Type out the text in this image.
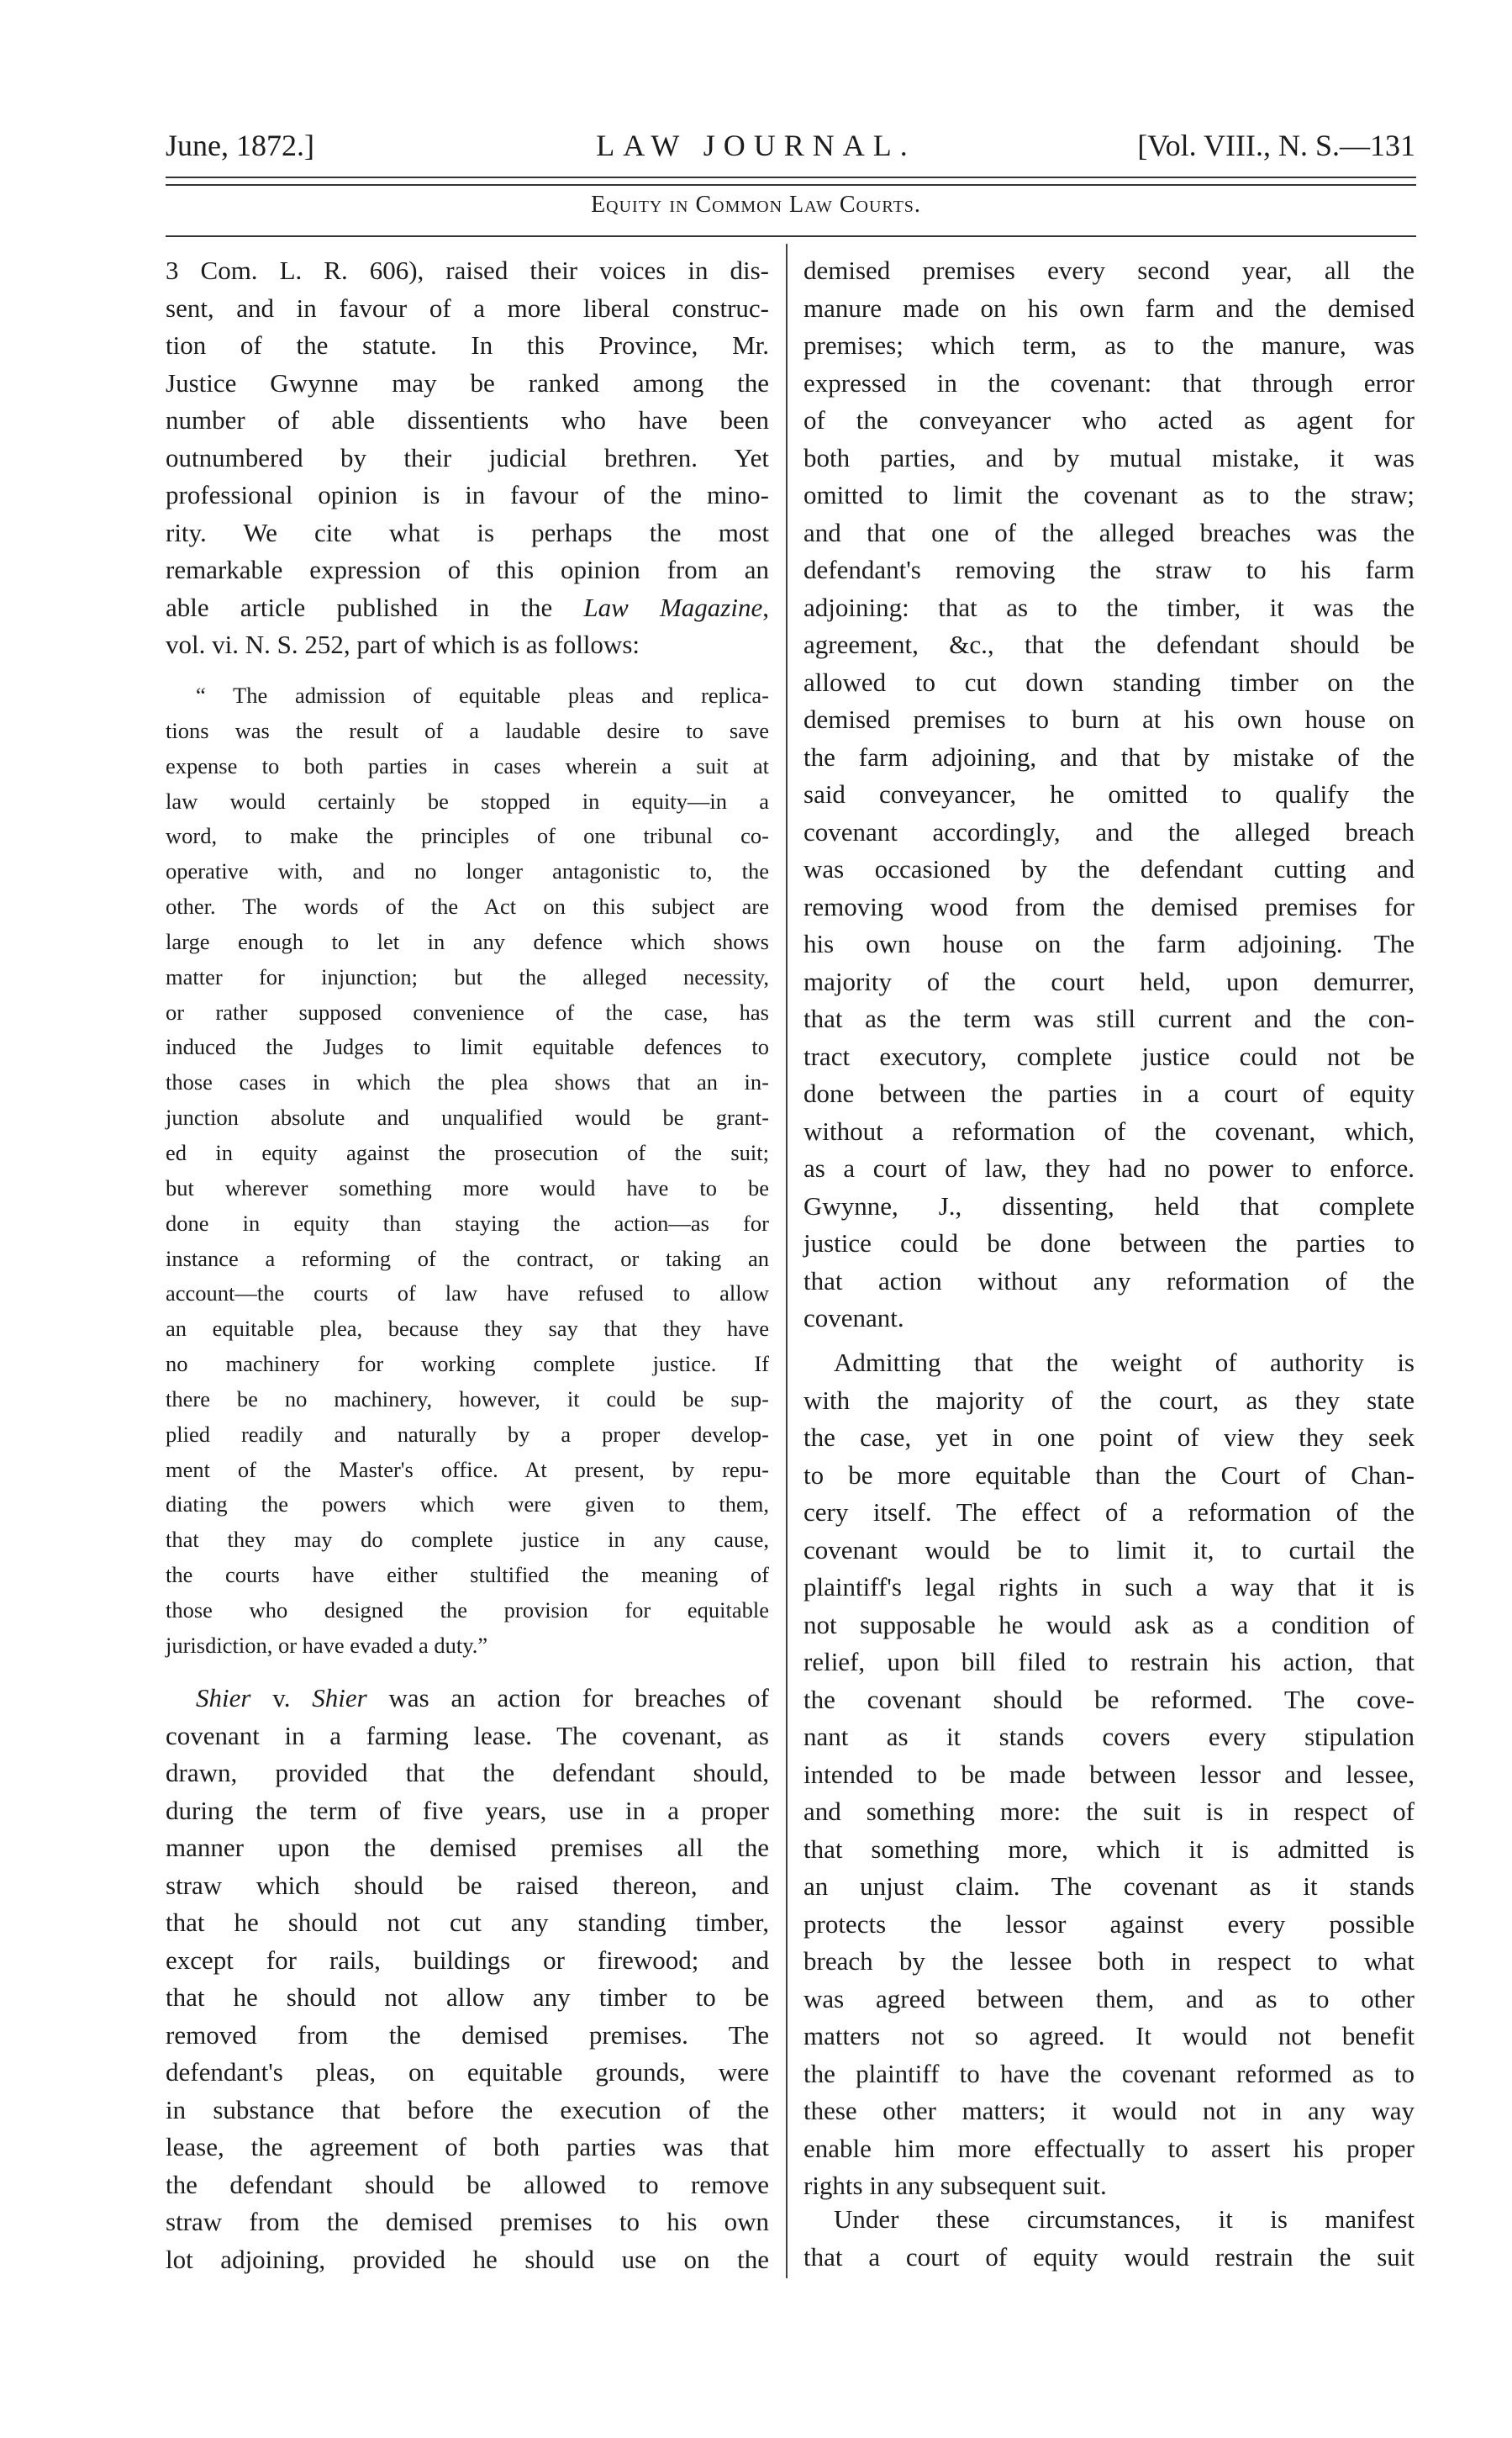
June, 1872.]	LAW JOURNAL.	[Vol. VIII., N. S.—131
Equity in Common Law Courts.
3 Com. L. R. 606), raised their voices in dis-
sent, and in favour of a more liberal construc-
tion of the statute. In this Province, Mr.
Justice Gwynne may be ranked among the
number of able dissentients who have been
outnumbered by their judicial brethren. Yet
professional opinion is in favour of the mino-
rity. We cite what is perhaps the most
remarkable expression of this opinion from an
able article published in the Law Magazine,
vol. vi. N. S. 252, part of which is as follows:
“ The admission of equitable pleas and replica-
tions was the result of a laudable desire to save
expense to both parties in cases wherein a suit at
law would certainly be stopped in equity—in a
word, to make the principles of one tribunal co-
operative with, and no longer antagonistic to, the
other. The words of the Act on this subject are
large enough to let in any defence which shows
matter for injunction; but the alleged necessity,
or rather supposed convenience of the case, has
induced the Judges to limit equitable defences to
those cases in which the plea shows that an in-
junction absolute and unqualified would be grant-
ed in equity against the prosecution of the suit;
but wherever something more would have to be
done in equity than staying the action—as for
instance a reforming of the contract, or taking an
account—the courts of law have refused to allow
an equitable plea, because they say that they have
no machinery for working complete justice. If
there be no machinery, however, it could be sup-
plied readily and naturally by a proper develop-
ment of the Master's office. At present, by repu-
diating the powers which were given to them,
that they may do complete justice in any cause,
the courts have either stultified the meaning of
those who designed the provision for equitable
jurisdiction, or have evaded a duty.”
Shier v. Shier was an action for breaches of
covenant in a farming lease. The covenant, as
drawn, provided that the defendant should,
during the term of five years, use in a proper
manner upon the demised premises all the
straw which should be raised thereon, and
that he should not cut any standing timber,
except for rails, buildings or firewood; and
that he should not allow any timber to be
removed from the demised premises. The
defendant's pleas, on equitable grounds, were
in substance that before the execution of the
lease, the agreement of both parties was that
the defendant should be allowed to remove
straw from the demised premises to his own
lot adjoining, provided he should use on the
demised premises every second year, all the
manure made on his own farm and the demised
premises; which term, as to the manure, was
expressed in the covenant: that through error
of the conveyancer who acted as agent for
both parties, and by mutual mistake, it was
omitted to limit the covenant as to the straw;
and that one of the alleged breaches was the
defendant's removing the straw to his farm
adjoining: that as to the timber, it was the
agreement, &c., that the defendant should be
allowed to cut down standing timber on the
demised premises to burn at his own house on
the farm adjoining, and that by mistake of the
said conveyancer, he omitted to qualify the
covenant accordingly, and the alleged breach
was occasioned by the defendant cutting and
removing wood from the demised premises for
his own house on the farm adjoining. The
majority of the court held, upon demurrer,
that as the term was still current and the con-
tract executory, complete justice could not be
done between the parties in a court of equity
without a reformation of the covenant, which,
as a court of law, they had no power to enforce.
Gwynne, J., dissenting, held that complete
justice could be done between the parties to
that action without any reformation of the
covenant.
Admitting that the weight of authority is
with the majority of the court, as they state
the case, yet in one point of view they seek
to be more equitable than the Court of Chan-
cery itself. The effect of a reformation of the
covenant would be to limit it, to curtail the
plaintiff's legal rights in such a way that it is
not supposable he would ask as a condition of
relief, upon bill filed to restrain his action, that
the covenant should be reformed. The cove-
nant as it stands covers every stipulation
intended to be made between lessor and lessee,
and something more: the suit is in respect of
that something more, which it is admitted is
an unjust claim. The covenant as it stands
protects the lessor against every possible
breach by the lessee both in respect to what
was agreed between them, and as to other
matters not so agreed. It would not benefit
the plaintiff to have the covenant reformed as to
these other matters; it would not in any way
enable him more effectually to assert his proper
rights in any subsequent suit.
Under these circumstances, it is manifest
that a court of equity would restrain the suit
